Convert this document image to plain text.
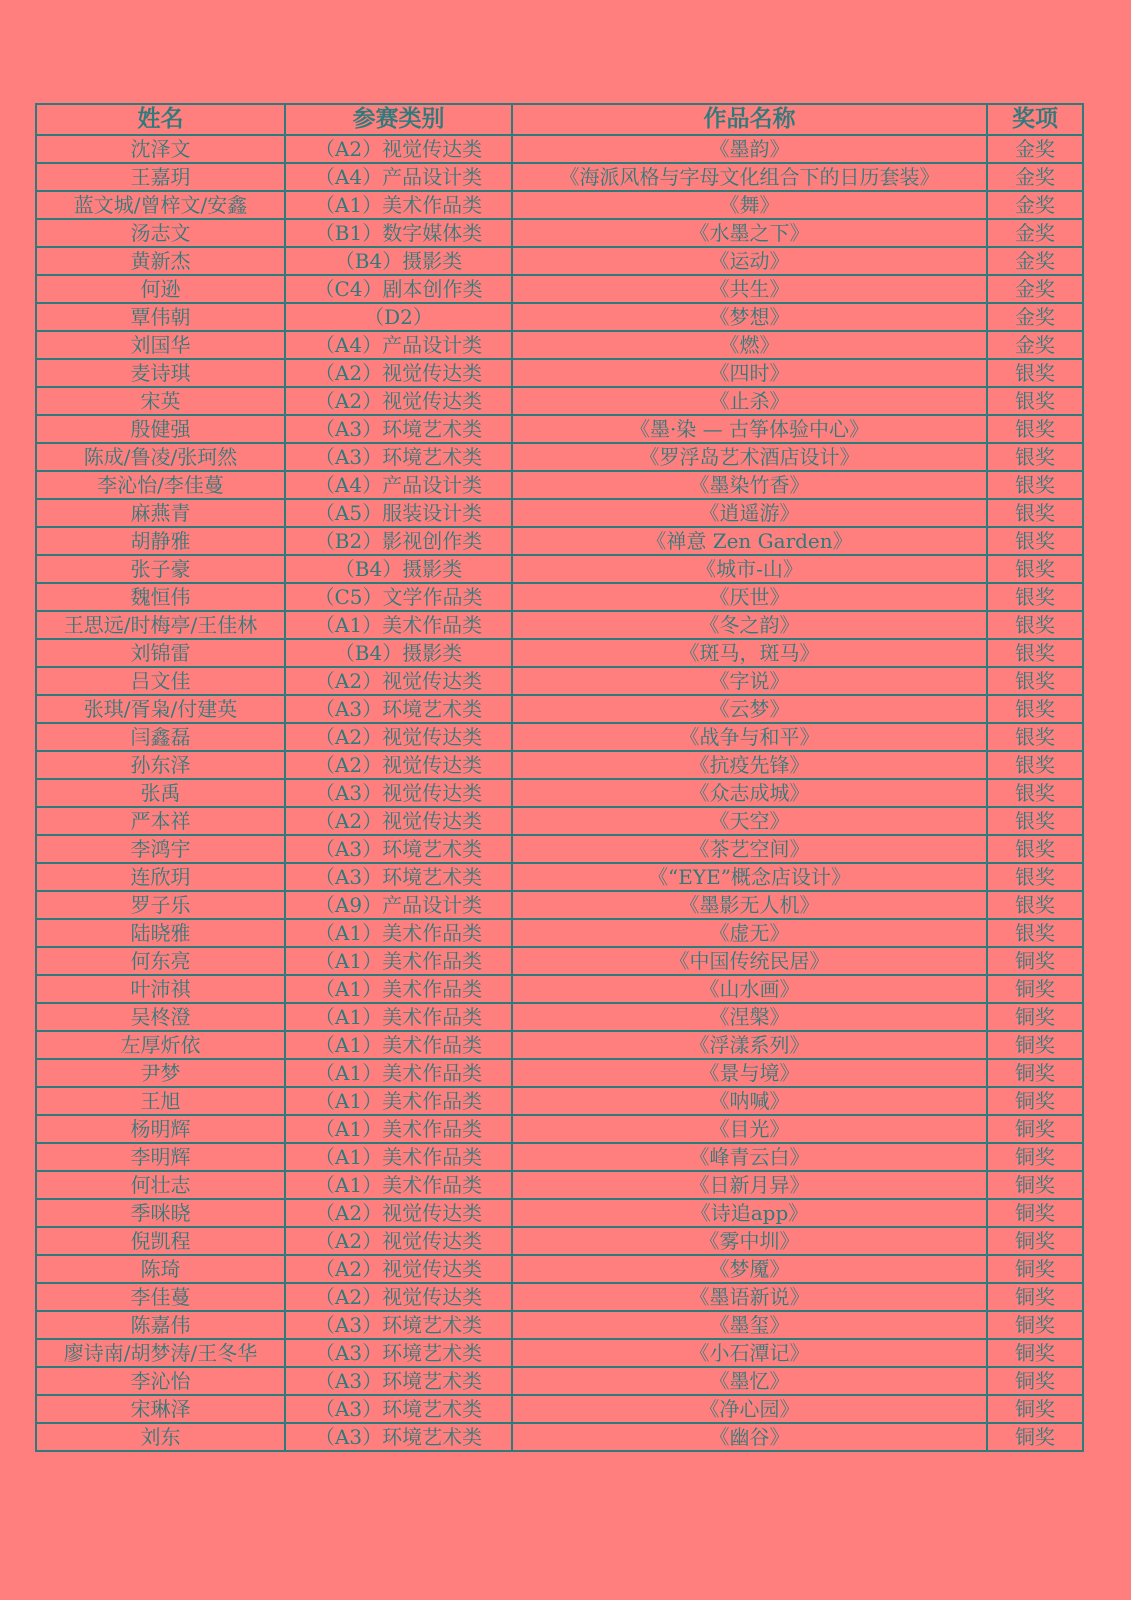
姓名	参赛类别	作品名称	奖项
沈泽文	（A2）视觉传达类	《墨韵》	金奖
王嘉玥	（A4）产品设计类	《海派风格与字母文化组合下的日历套装》	金奖
蓝文城/曾梓文/安鑫	（A1）美术作品类	《舞》	金奖
汤志文	（B1）数字媒体类	《水墨之下》	金奖
黄新杰	（B4）摄影类	《运动》	金奖
何逊	（C4）剧本创作类	《共生》	金奖
覃伟朝	（D2）	《梦想》	金奖
刘国华	（A4）产品设计类	《燃》	金奖
麦诗琪	（A2）视觉传达类	《四时》	银奖
宋英	（A2）视觉传达类	《止杀》	银奖
殷健强	（A3）环境艺术类	《墨·染 — 古筝体验中心》	银奖
陈成/鲁凌/张珂然	（A3）环境艺术类	《罗浮岛艺术酒店设计》	银奖
李沁怡/李佳蔓	（A4）产品设计类	《墨染竹香》	银奖
麻燕青	（A5）服装设计类	《逍遥游》	银奖
胡静雅	（B2）影视创作类	《禅意 Zen Garden》	银奖
张子豪	（B4）摄影类	《城市-山》	银奖
魏恒伟	（C5）文学作品类	《厌世》	银奖
王思远/时梅亭/王佳林	（A1）美术作品类	《冬之韵》	银奖
刘锦雷	（B4）摄影类	《斑马，斑马》	银奖
吕文佳	（A2）视觉传达类	《字说》	银奖
张琪/胥枭/付建英	（A3）环境艺术类	《云梦》	银奖
闫鑫磊	（A2）视觉传达类	《战争与和平》	银奖
孙东泽	（A2）视觉传达类	《抗疫先锋》	银奖
张禹	（A3）视觉传达类	《众志成城》	银奖
严本祥	（A2）视觉传达类	《天空》	银奖
李鸿宇	（A3）环境艺术类	《茶艺空间》	银奖
连欣玥	（A3）环境艺术类	《“EYE”概念店设计》	银奖
罗子乐	（A9）产品设计类	《墨影无人机》	银奖
陆晓雅	（A1）美术作品类	《虚无》	银奖
何东亮	（A1）美术作品类	《中国传统民居》	铜奖
叶沛祺	（A1）美术作品类	《山水画》	铜奖
吴柊澄	（A1）美术作品类	《涅槃》	铜奖
左厚炘依	（A1）美术作品类	《浮漾系列》	铜奖
尹梦	（A1）美术作品类	《景与境》	铜奖
王旭	（A1）美术作品类	《呐喊》	铜奖
杨明辉	（A1）美术作品类	《目光》	铜奖
李明辉	（A1）美术作品类	《峰青云白》	铜奖
何壮志	（A1）美术作品类	《日新月异》	铜奖
季咪晓	（A2）视觉传达类	《诗追app》	铜奖
倪凯程	（A2）视觉传达类	《雾中圳》	铜奖
陈琦	（A2）视觉传达类	《梦魇》	铜奖
李佳蔓	（A2）视觉传达类	《墨语新说》	铜奖
陈嘉伟	（A3）环境艺术类	《墨玺》	铜奖
廖诗南/胡梦涛/王冬华	（A3）环境艺术类	《小石潭记》	铜奖
李沁怡	（A3）环境艺术类	《墨忆》	铜奖
宋琳泽	（A3）环境艺术类	《净心园》	铜奖
刘东	（A3）环境艺术类	《幽谷》	铜奖
